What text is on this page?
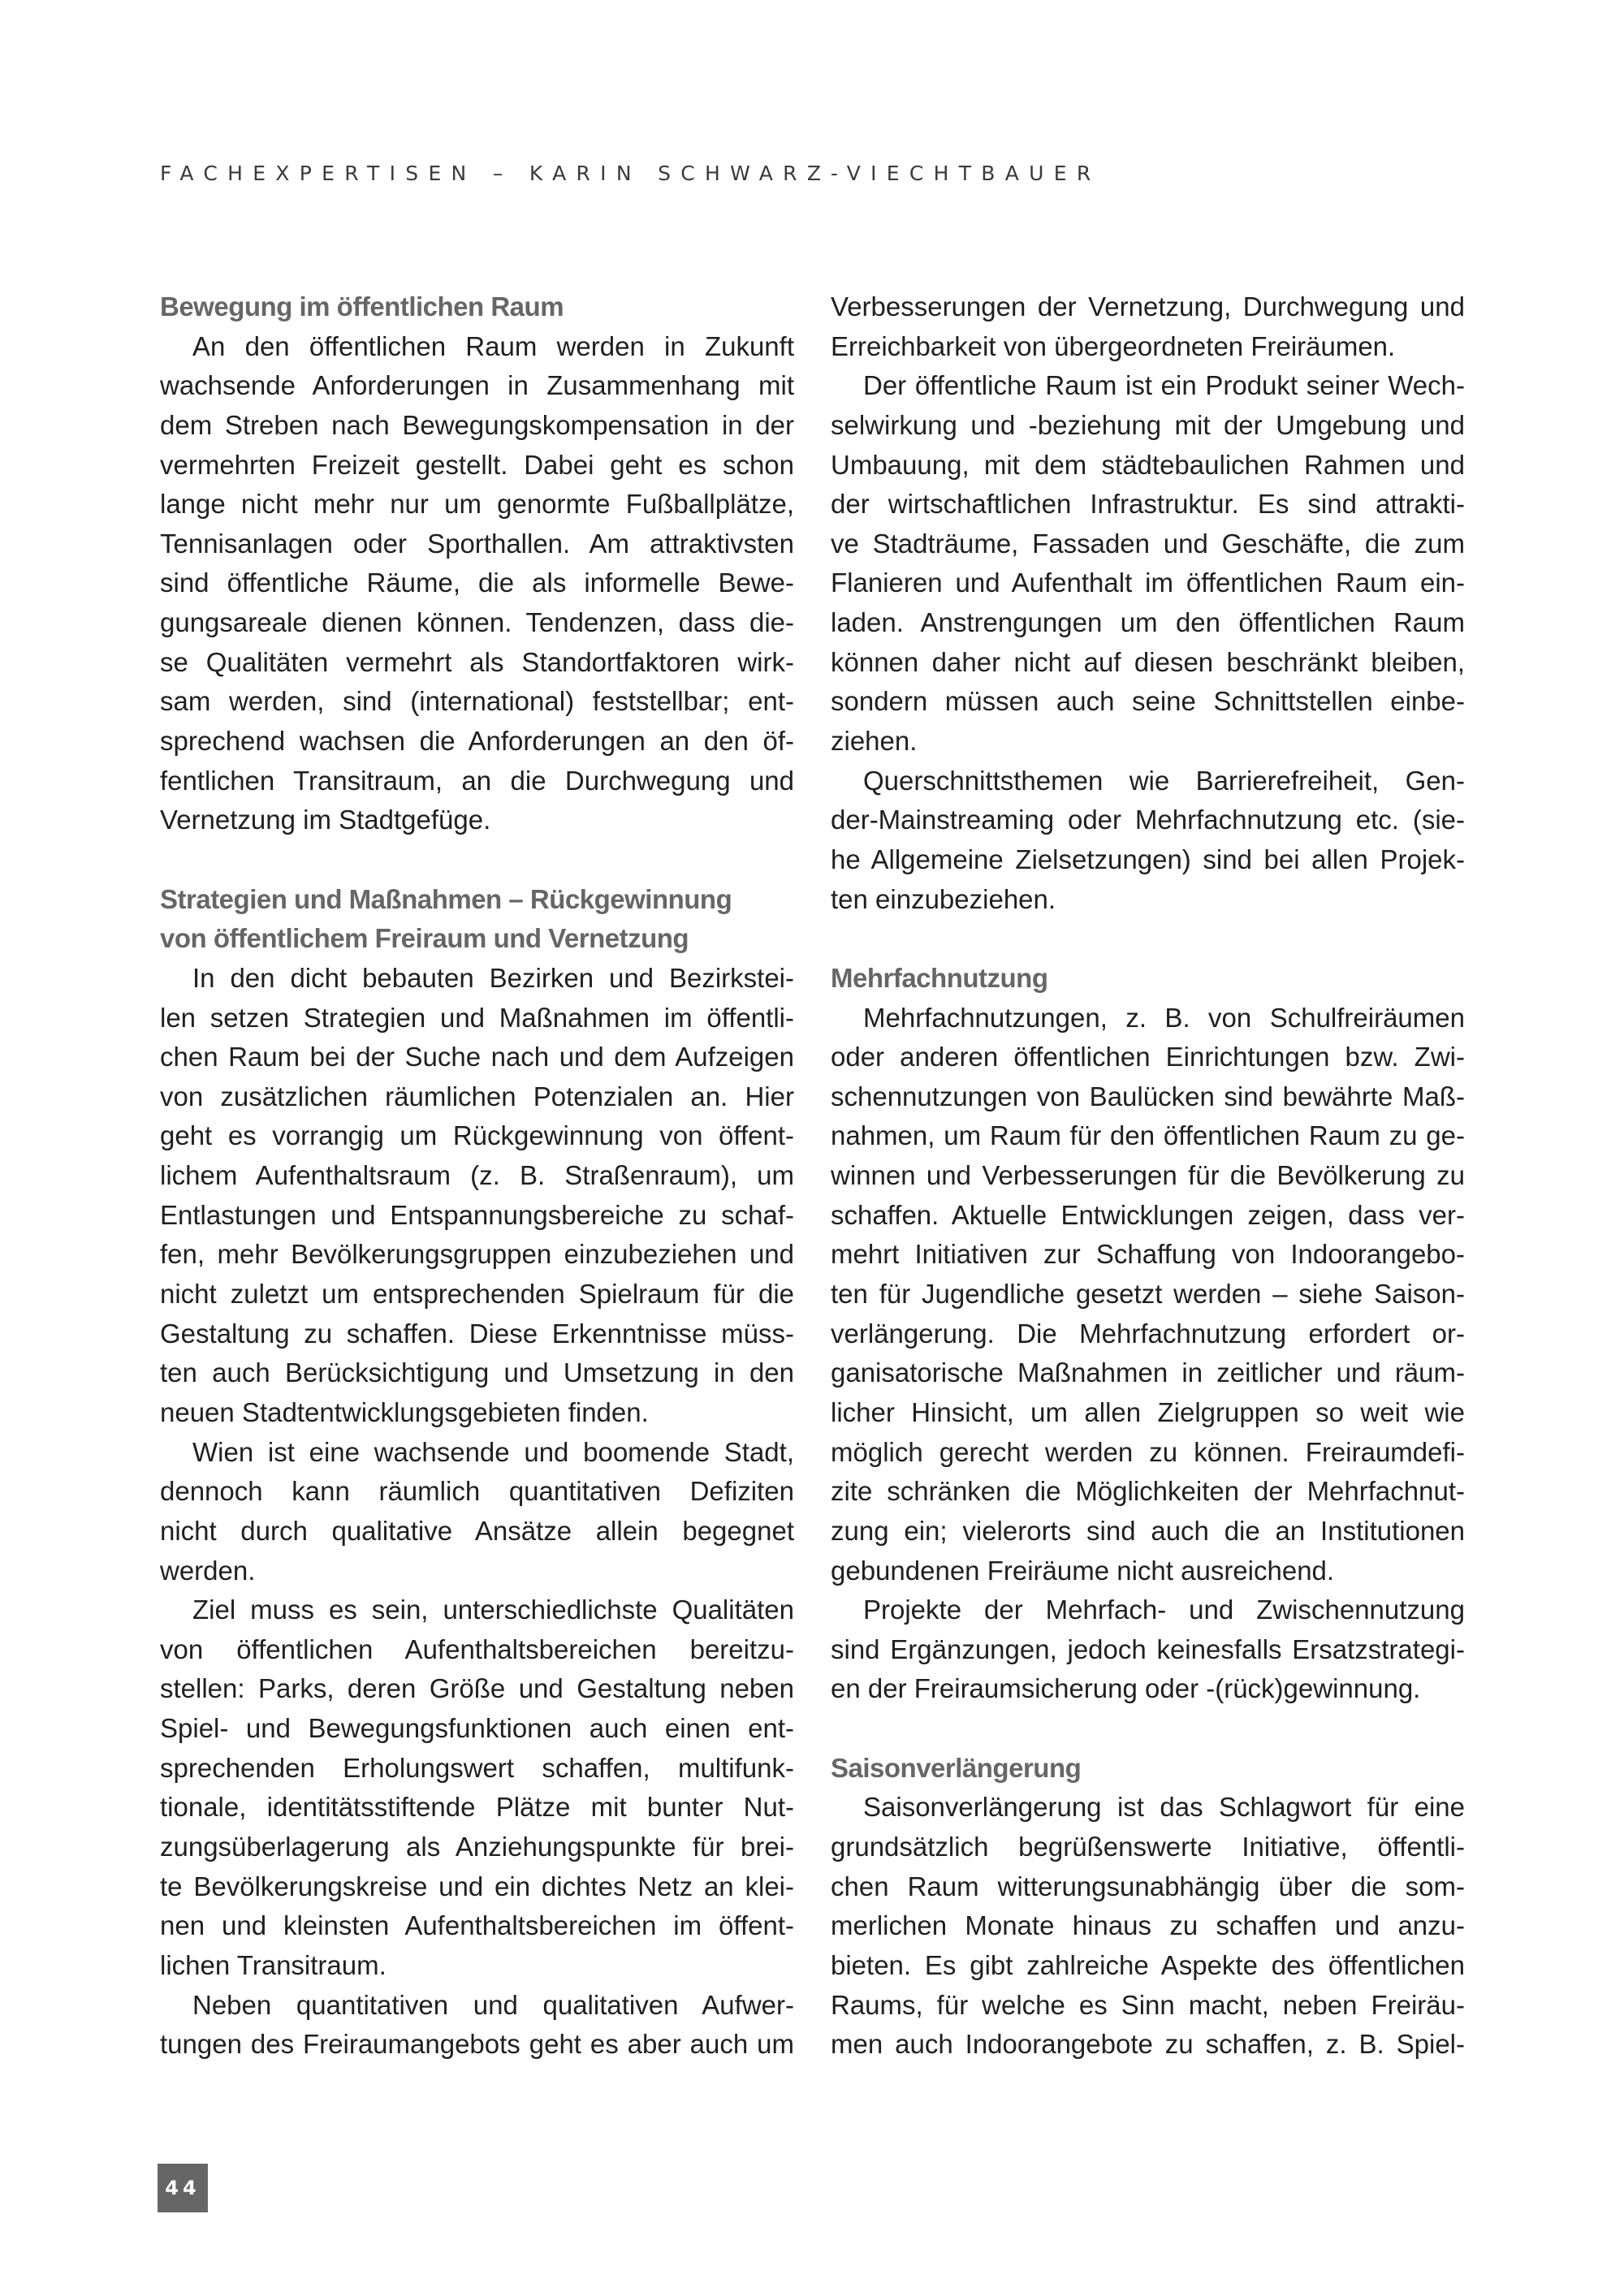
FACHEXPERTISEN – KARIN SCHWARZ-VIECHTBAUER
Bewegung im öffentlichen Raum
An den öffentlichen Raum werden in Zukunft
wachsende Anforderungen in Zusammenhang mit
dem Streben nach Bewegungskompensation in der
vermehrten Freizeit gestellt. Dabei geht es schon
lange nicht mehr nur um genormte Fußballplätze,
Tennisanlagen oder Sporthallen. Am attraktivsten
sind öffentliche Räume, die als informelle Bewe-
gungsareale dienen können. Tendenzen, dass die-
se Qualitäten vermehrt als Standortfaktoren wirk-
sam werden, sind (international) feststellbar; ent-
sprechend wachsen die Anforderungen an den öf-
fentlichen Transitraum, an die Durchwegung und
Vernetzung im Stadtgefüge.
Strategien und Maßnahmen – Rückgewinnung
von öffentlichem Freiraum und Vernetzung
In den dicht bebauten Bezirken und Bezirkstei-
len setzen Strategien und Maßnahmen im öffentli-
chen Raum bei der Suche nach und dem Aufzeigen
von zusätzlichen räumlichen Potenzialen an. Hier
geht es vorrangig um Rückgewinnung von öffent-
lichem Aufenthaltsraum (z. B. Straßenraum), um
Entlastungen und Entspannungsbereiche zu schaf-
fen, mehr Bevölkerungsgruppen einzubeziehen und
nicht zuletzt um entsprechenden Spielraum für die
Gestaltung zu schaffen. Diese Erkenntnisse müss-
ten auch Berücksichtigung und Umsetzung in den
neuen Stadtentwicklungsgebieten finden.
Wien ist eine wachsende und boomende Stadt,
dennoch kann räumlich quantitativen Defiziten
nicht durch qualitative Ansätze allein begegnet
werden.
Ziel muss es sein, unterschiedlichste Qualitäten
von öffentlichen Aufenthaltsbereichen bereitzu-
stellen: Parks, deren Größe und Gestaltung neben
Spiel- und Bewegungsfunktionen auch einen ent-
sprechenden Erholungswert schaffen, multifunk-
tionale, identitätsstiftende Plätze mit bunter Nut-
zungsüberlagerung als Anziehungspunkte für brei-
te Bevölkerungskreise und ein dichtes Netz an klei-
nen und kleinsten Aufenthaltsbereichen im öffent-
lichen Transitraum.
Neben quantitativen und qualitativen Aufwer-
tungen des Freiraumangebots geht es aber auch um
Verbesserungen der Vernetzung, Durchwegung und
Erreichbarkeit von übergeordneten Freiräumen.
Der öffentliche Raum ist ein Produkt seiner Wech-
selwirkung und -beziehung mit der Umgebung und
Umbauung, mit dem städtebaulichen Rahmen und
der wirtschaftlichen Infrastruktur. Es sind attrakti-
ve Stadträume, Fassaden und Geschäfte, die zum
Flanieren und Aufenthalt im öffentlichen Raum ein-
laden. Anstrengungen um den öffentlichen Raum
können daher nicht auf diesen beschränkt bleiben,
sondern müssen auch seine Schnittstellen einbe-
ziehen.
Querschnittsthemen wie Barrierefreiheit, Gen-
der-Mainstreaming oder Mehrfachnutzung etc. (sie-
he Allgemeine Zielsetzungen) sind bei allen Projek-
ten einzubeziehen.
Mehrfachnutzung
Mehrfachnutzungen, z. B. von Schulfreiräumen
oder anderen öffentlichen Einrichtungen bzw. Zwi-
schennutzungen von Baulücken sind bewährte Maß-
nahmen, um Raum für den öffentlichen Raum zu ge-
winnen und Verbesserungen für die Bevölkerung zu
schaffen. Aktuelle Entwicklungen zeigen, dass ver-
mehrt Initiativen zur Schaffung von Indoorangebo-
ten für Jugendliche gesetzt werden – siehe Saison-
verlängerung. Die Mehrfachnutzung erfordert or-
ganisatorische Maßnahmen in zeitlicher und räum-
licher Hinsicht, um allen Zielgruppen so weit wie
möglich gerecht werden zu können. Freiraumdefi-
zite schränken die Möglichkeiten der Mehrfachnut-
zung ein; vielerorts sind auch die an Institutionen
gebundenen Freiräume nicht ausreichend.
Projekte der Mehrfach- und Zwischennutzung
sind Ergänzungen, jedoch keinesfalls Ersatzstrategi-
en der Freiraumsicherung oder -(rück)gewinnung.
Saisonverlängerung
Saisonverlängerung ist das Schlagwort für eine
grundsätzlich begrüßenswerte Initiative, öffentli-
chen Raum witterungsunabhängig über die som-
merlichen Monate hinaus zu schaffen und anzu-
bieten. Es gibt zahlreiche Aspekte des öffentlichen
Raums, für welche es Sinn macht, neben Freiräu-
men auch Indoorangebote zu schaffen, z. B. Spiel-
44
